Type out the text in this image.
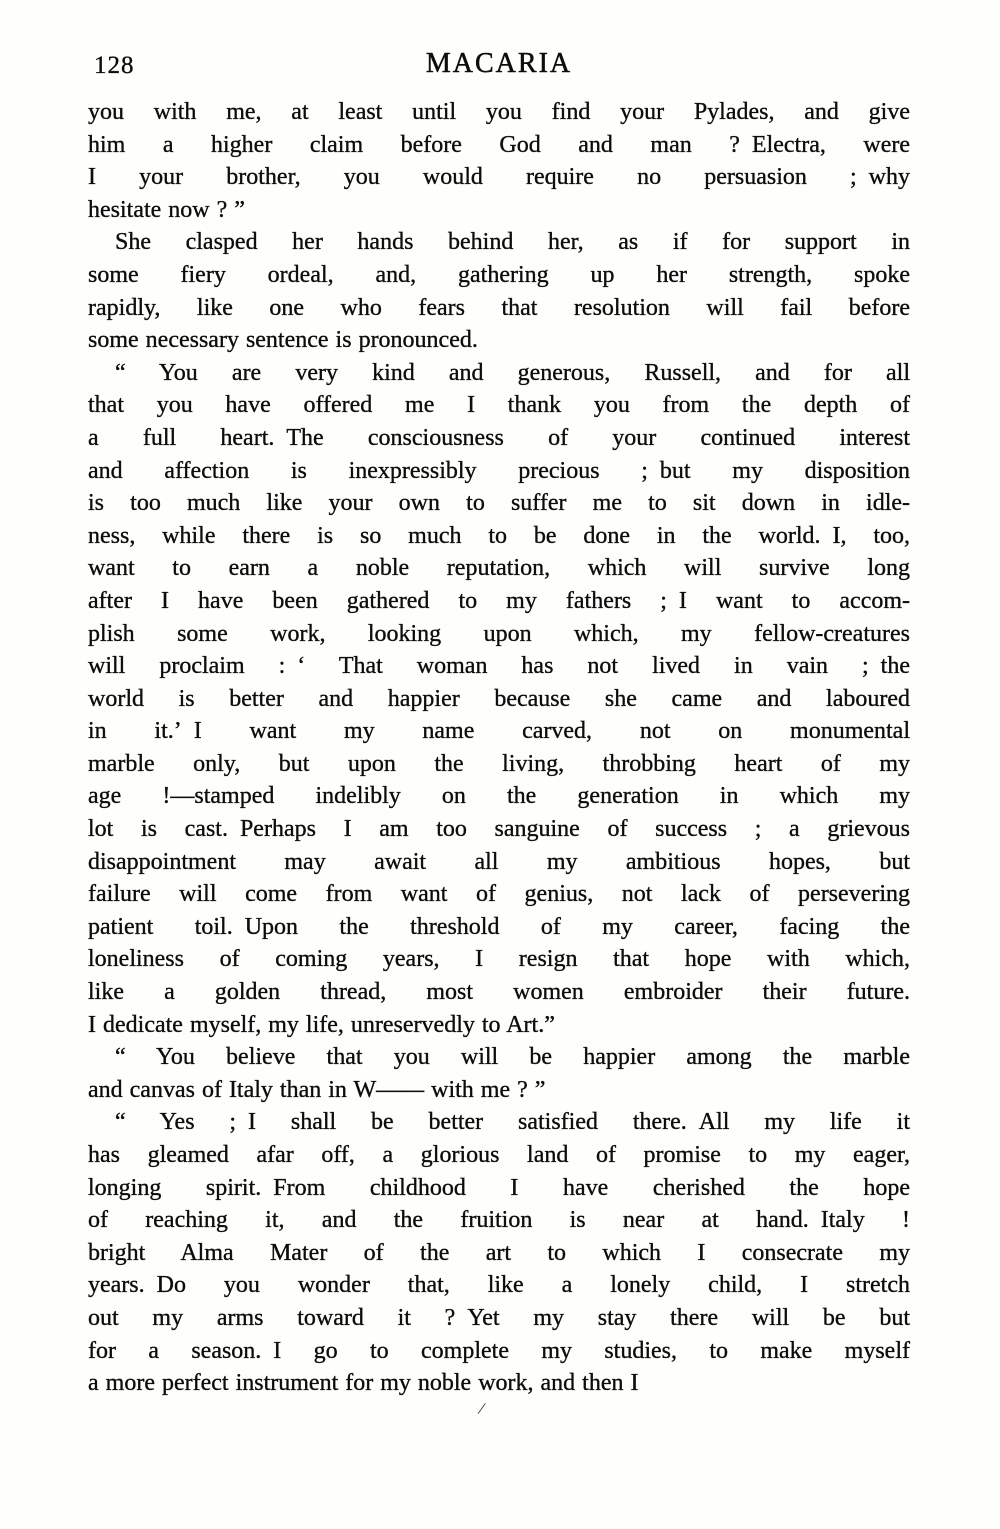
128	MACARIA
you with me, at least until you find your Pylades, and give
him a higher claim before God and man ? Electra, were
I your brother, you would require no persuasion ; why
hesitate now ? ”
She clasped her hands behind her, as if for support in
some fiery ordeal, and, gathering up her strength, spoke
rapidly, like one who fears that resolution will fail before
some necessary sentence is pronounced.
“ You are very kind and generous, Russell, and for all
that you have offered me I thank you from the depth of
a full heart. The consciousness of your continued interest
and affection is inexpressibly precious ; but my disposition
is too much like your own to suffer me to sit down in idle-
ness, while there is so much to be done in the world. I, too,
want to earn a noble reputation, which will survive long
after I have been gathered to my fathers ; I want to accom-
plish some work, looking upon which, my fellow-creatures
will proclaim : ‘ That woman has not lived in vain ; the
world is better and happier because she came and laboured
in it.’ I want my name carved, not on monumental
marble only, but upon the living, throbbing heart of my
age !—stamped indelibly on the generation in which my
lot is cast. Perhaps I am too sanguine of success ; a grievous
disappointment may await all my ambitious hopes, but
failure will come from want of genius, not lack of persevering
patient toil. Upon the threshold of my career, facing the
loneliness of coming years, I resign that hope with which,
like a golden thread, most women embroider their future.
I dedicate myself, my life, unreservedly to Art.”
“ You believe that you will be happier among the marble
and canvas of Italy than in W—— with me ? ”
“ Yes ; I shall be better satisfied there. All my life it
has gleamed afar off, a glorious land of promise to my eager,
longing spirit. From childhood I have cherished the hope
of reaching it, and the fruition is near at hand. Italy !
bright Alma Mater of the art to which I consecrate my
years. Do you wonder that, like a lonely child, I stretch
out my arms toward it ? Yet my stay there will be but
for a season. I go to complete my studies, to make myself
a more perfect instrument for my noble work, and then I
/
